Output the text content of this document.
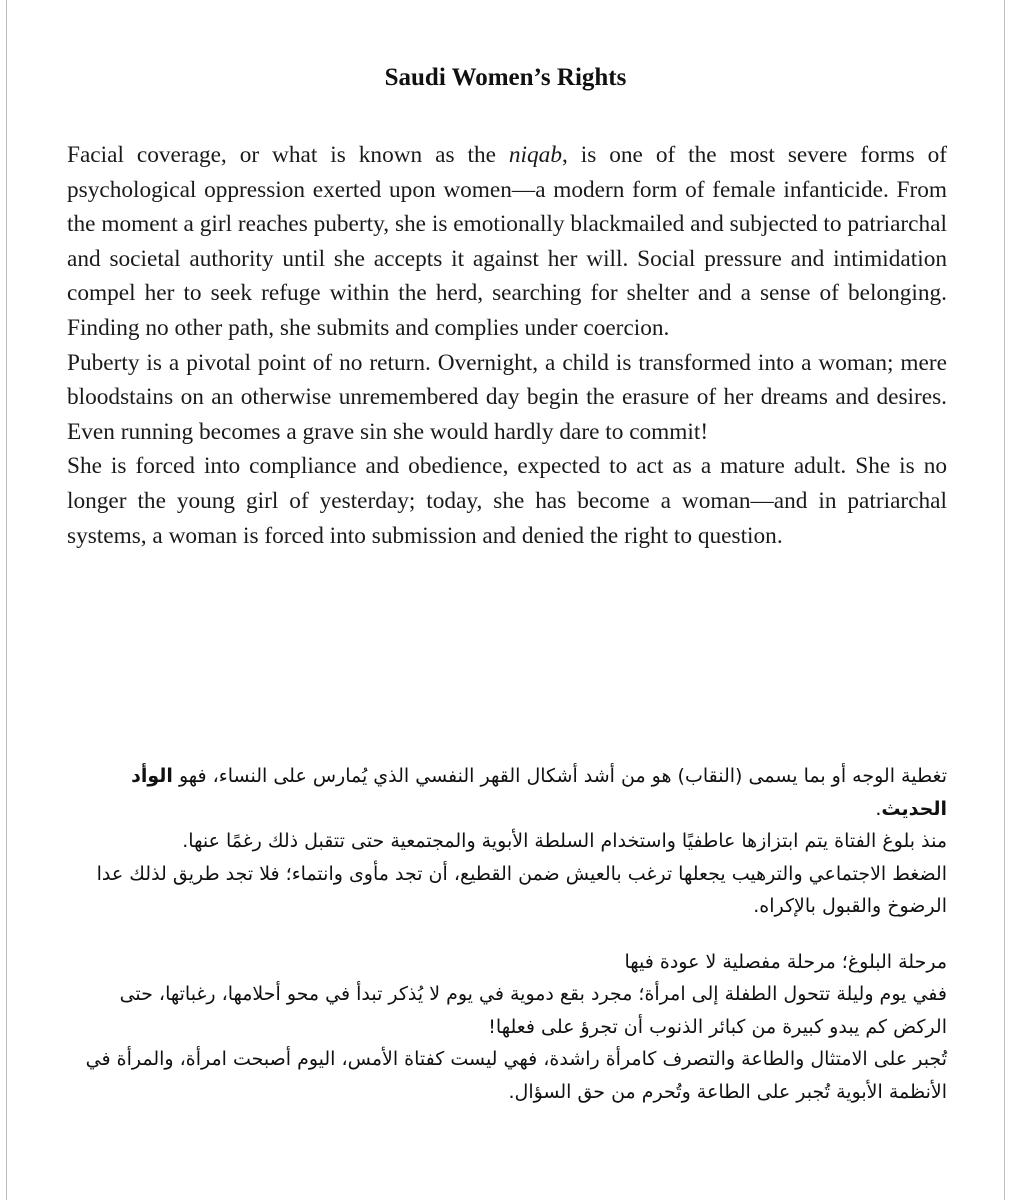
Saudi Women’s Rights

Facial coverage, or what is known as the niqab, is one of the most severe forms of psychological oppression exerted upon women—a modern form of female infanticide. From the moment a girl reaches puberty, she is emotionally blackmailed and subjected to patriarchal and societal authority until she accepts it against her will. Social pressure and intimidation compel her to seek refuge within the herd, searching for shelter and a sense of belonging. Finding no other path, she submits and complies under coercion.

Puberty is a pivotal point of no return. Overnight, a child is transformed into a woman; mere bloodstains on an otherwise unremembered day begin the erasure of her dreams and desires. Even running becomes a grave sin she would hardly dare to commit!

She is forced into compliance and obedience, expected to act as a mature adult. She is no longer the young girl of yesterday; today, she has become a woman—and in patriarchal systems, a woman is forced into submission and denied the right to question.

تغطية الوجه أو بما يسمى (النقاب) هو من أشد أشكال القهر النفسي الذي يُمارس على النساء، فهو الوأد الحديث.

منذ بلوغ الفتاة يتم ابتزازها عاطفيًا واستخدام السلطة الأبوية والمجتمعية حتى تتقبل ذلك رغمًا عنها.

الضغط الاجتماعي والترهيب يجعلها ترغب بالعيش ضمن القطيع، أن تجد مأوى وانتماء؛ فلا تجد طريق لذلك عدا الرضوخ والقبول بالإكراه.

مرحلة البلوغ؛ مرحلة مفصلية لا عودة فيها

ففي يوم وليلة تتحول الطفلة إلى امرأة؛ مجرد بقع دموية في يوم لا يُذكر تبدأ في محو أحلامها، رغباتها، حتى الركض كم يبدو كبيرة من كبائر الذنوب أن تجرؤ على فعلها!

تُجبر على الامتثال والطاعة والتصرف كامرأة راشدة، فهي ليست كفتاة الأمس، اليوم أصبحت امرأة، والمرأة في الأنظمة الأبوية تُجبر على الطاعة وتُحرم من حق السؤال.
